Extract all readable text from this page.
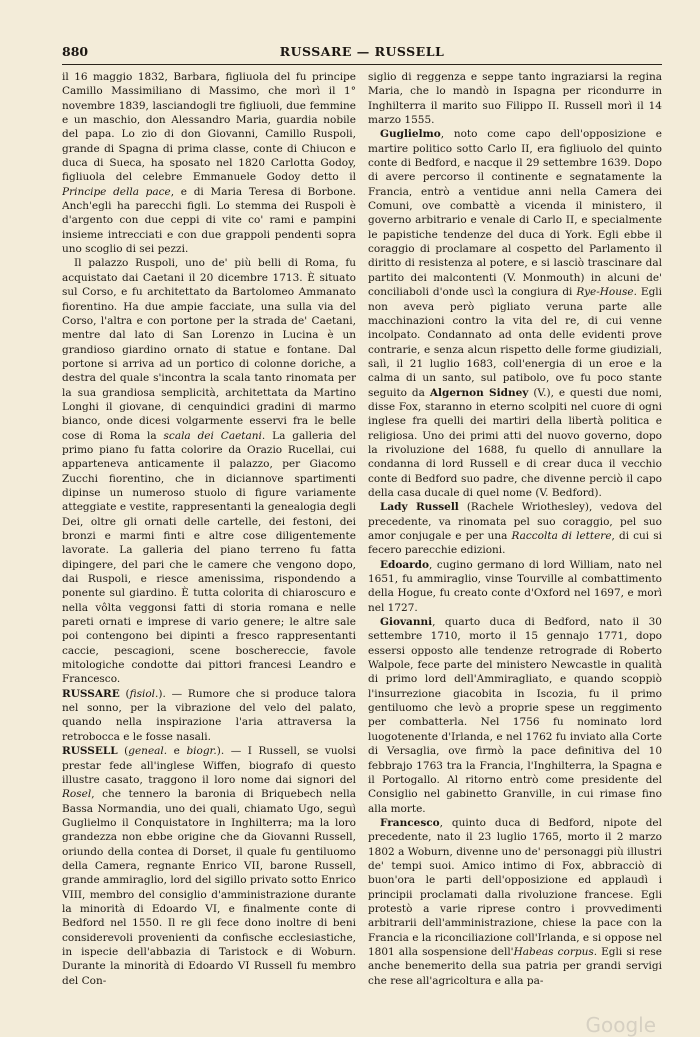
880	RUSSARE — RUSSELL

il 16 maggio 1832, Barbara, figliuola del fu principe Camillo Massimiliano di Massimo, che morì il 1° novembre 1839, lasciandogli tre figliuoli, due femmine e un maschio, don Alessandro Maria, guardia nobile del papa. Lo zio di don Giovanni, Camillo Ruspoli, grande di Spagna di prima classe, conte di Chiucon e duca di Sueca, ha sposato nel 1820 Carlotta Godoy, figliuola del celebre Emmanuele Godoy detto il Principe della pace, e di Maria Teresa di Borbone. Anch'egli ha parecchi figli. Lo stemma dei Ruspoli è d'argento con due ceppi di vite co' rami e pampini insieme intrecciati e con due grappoli pendenti sopra uno scoglio di sei pezzi.

Il palazzo Ruspoli, uno de' più belli di Roma, fu acquistato dai Caetani il 20 dicembre 1713. È situato sul Corso, e fu architettato da Bartolomeo Ammanato fiorentino. Ha due ampie facciate, una sulla via del Corso, l'altra e con portone per la strada de' Caetani, mentre dal lato di San Lorenzo in Lucina è un grandioso giardino ornato di statue e fontane. Dal portone si arriva ad un portico di colonne doriche, a destra del quale s'incontra la scala tanto rinomata per la sua grandiosa semplicità, architettata da Martino Longhi il giovane, di cenquindici gradini di marmo bianco, onde dicesi volgarmente esservi fra le belle cose di Roma la scala dei Caetani. La galleria del primo piano fu fatta colorire da Orazio Rucellai, cui apparteneva anticamente il palazzo, per Giacomo Zucchi fiorentino, che in diciannove spartimenti dipinse un numeroso stuolo di figure variamente atteggiate e vestite, rappresentanti la genealogia degli Dei, oltre gli ornati delle cartelle, dei festoni, dei bronzi e marmi finti e altre cose diligentemente lavorate. La galleria del piano terreno fu fatta dipingere, del pari che le camere che vengono dopo, dai Ruspoli, e riesce amenissima, rispondendo a ponente sul giardino. È tutta colorita di chiaroscuro e nella vôlta veggonsi fatti di storia romana e nelle pareti ornati e imprese di vario genere; le altre sale poi contengono bei dipinti a fresco rappresentanti caccie, pescagioni, scene boschereccie, favole mitologiche condotte dai pittori francesi Leandro e Francesco.

RUSSARE (fisiol.). — Rumore che si produce talora nel sonno, per la vibrazione del velo del palato, quando nella inspirazione l'aria attraversa la retrobocca e le fosse nasali.

RUSSELL (geneal. e biogr.). — I Russell, se vuolsi prestar fede all'inglese Wiffen, biografo di questo illustre casato, traggono il loro nome dai signori del Rosel, che tennero la baronia di Briquebech nella Bassa Normandia, uno dei quali, chiamato Ugo, seguì Guglielmo il Conquistatore in Inghilterra; ma la loro grandezza non ebbe origine che da Giovanni Russell, oriundo della contea di Dorset, il quale fu gentiluomo della Camera, regnante Enrico VII, barone Russell, grande ammiraglio, lord del sigillo privato sotto Enrico VIII, membro del consiglio d'amministrazione durante la minorità di Edoardo VI, e finalmente conte di Bedford nel 1550. Il re gli fece dono inoltre di beni considerevoli provenienti da confische ecclesiastiche, in ispecie dell'abbazia di Taristock e di Woburn. Durante la minorità di Edoardo VI Russell fu membro del Con-

siglio di reggenza e seppe tanto ingraziarsi la regina Maria, che lo mandò in Ispagna per ricondurre in Inghilterra il marito suo Filippo II. Russell morì il 14 marzo 1555.

Guglielmo, noto come capo dell'opposizione e martire politico sotto Carlo II, era figliuolo del quinto conte di Bedford, e nacque il 29 settembre 1639. Dopo di avere percorso il continente e segnatamente la Francia, entrò a ventidue anni nella Camera dei Comuni, ove combattè a vicenda il ministero, il governo arbitrario e venale di Carlo II, e specialmente le papistiche tendenze del duca di York. Egli ebbe il coraggio di proclamare al cospetto del Parlamento il diritto di resistenza al potere, e si lasciò trascinare dal partito dei malcontenti (V. Monmouth) in alcuni de' conciliaboli d'onde uscì la congiura di Rye-House. Egli non aveva però pigliato veruna parte alle macchinazioni contro la vita del re, di cui venne incolpato. Condannato ad onta delle evidenti prove contrarie, e senza alcun rispetto delle forme giudiziali, salì, il 21 luglio 1683, coll'energia di un eroe e la calma di un santo, sul patibolo, ove fu poco stante seguito da Algernon Sidney (V.), e questi due nomi, disse Fox, staranno in eterno scolpiti nel cuore di ogni inglese fra quelli dei martiri della libertà politica e religiosa. Uno dei primi atti del nuovo governo, dopo la rivoluzione del 1688, fu quello di annullare la condanna di lord Russell e di crear duca il vecchio conte di Bedford suo padre, che divenne perciò il capo della casa ducale di quel nome (V. Bedford).

Lady Russell (Rachele Wriothesley), vedova del precedente, va rinomata pel suo coraggio, pel suo amor conjugale e per una Raccolta di lettere, di cui si fecero parecchie edizioni.

Edoardo, cugino germano di lord William, nato nel 1651, fu ammiraglio, vinse Tourville al combattimento della Hogue, fu creato conte d'Oxford nel 1697, e morì nel 1727.

Giovanni, quarto duca di Bedford, nato il 30 settembre 1710, morto il 15 gennajo 1771, dopo essersi opposto alle tendenze retrograde di Roberto Walpole, fece parte del ministero Newcastle in qualità di primo lord dell'Ammiragliato, e quando scoppiò l'insurrezione giacobita in Iscozia, fu il primo gentiluomo che levò a proprie spese un reggimento per combatterla. Nel 1756 fu nominato lord luogotenente d'Irlanda, e nel 1762 fu inviato alla Corte di Versaglia, ove firmò la pace definitiva del 10 febbrajo 1763 tra la Francia, l'Inghilterra, la Spagna e il Portogallo. Al ritorno entrò come presidente del Consiglio nel gabinetto Granville, in cui rimase fino alla morte.

Francesco, quinto duca di Bedford, nipote del precedente, nato il 23 luglio 1765, morto il 2 marzo 1802 a Woburn, divenne uno de' personaggi più illustri de' tempi suoi. Amico intimo di Fox, abbracciò di buon'ora le parti dell'opposizione ed applaudì i principii proclamati dalla rivoluzione francese. Egli protestò a varie riprese contro i provvedimenti arbitrarii dell'amministrazione, chiese la pace con la Francia e la riconciliazione coll'Irlanda, e si oppose nel 1801 alla sospensione dell'Habeas corpus. Egli si rese anche benemerito della sua patria per grandi servigi che rese all'agricoltura e alla pa-

Google
